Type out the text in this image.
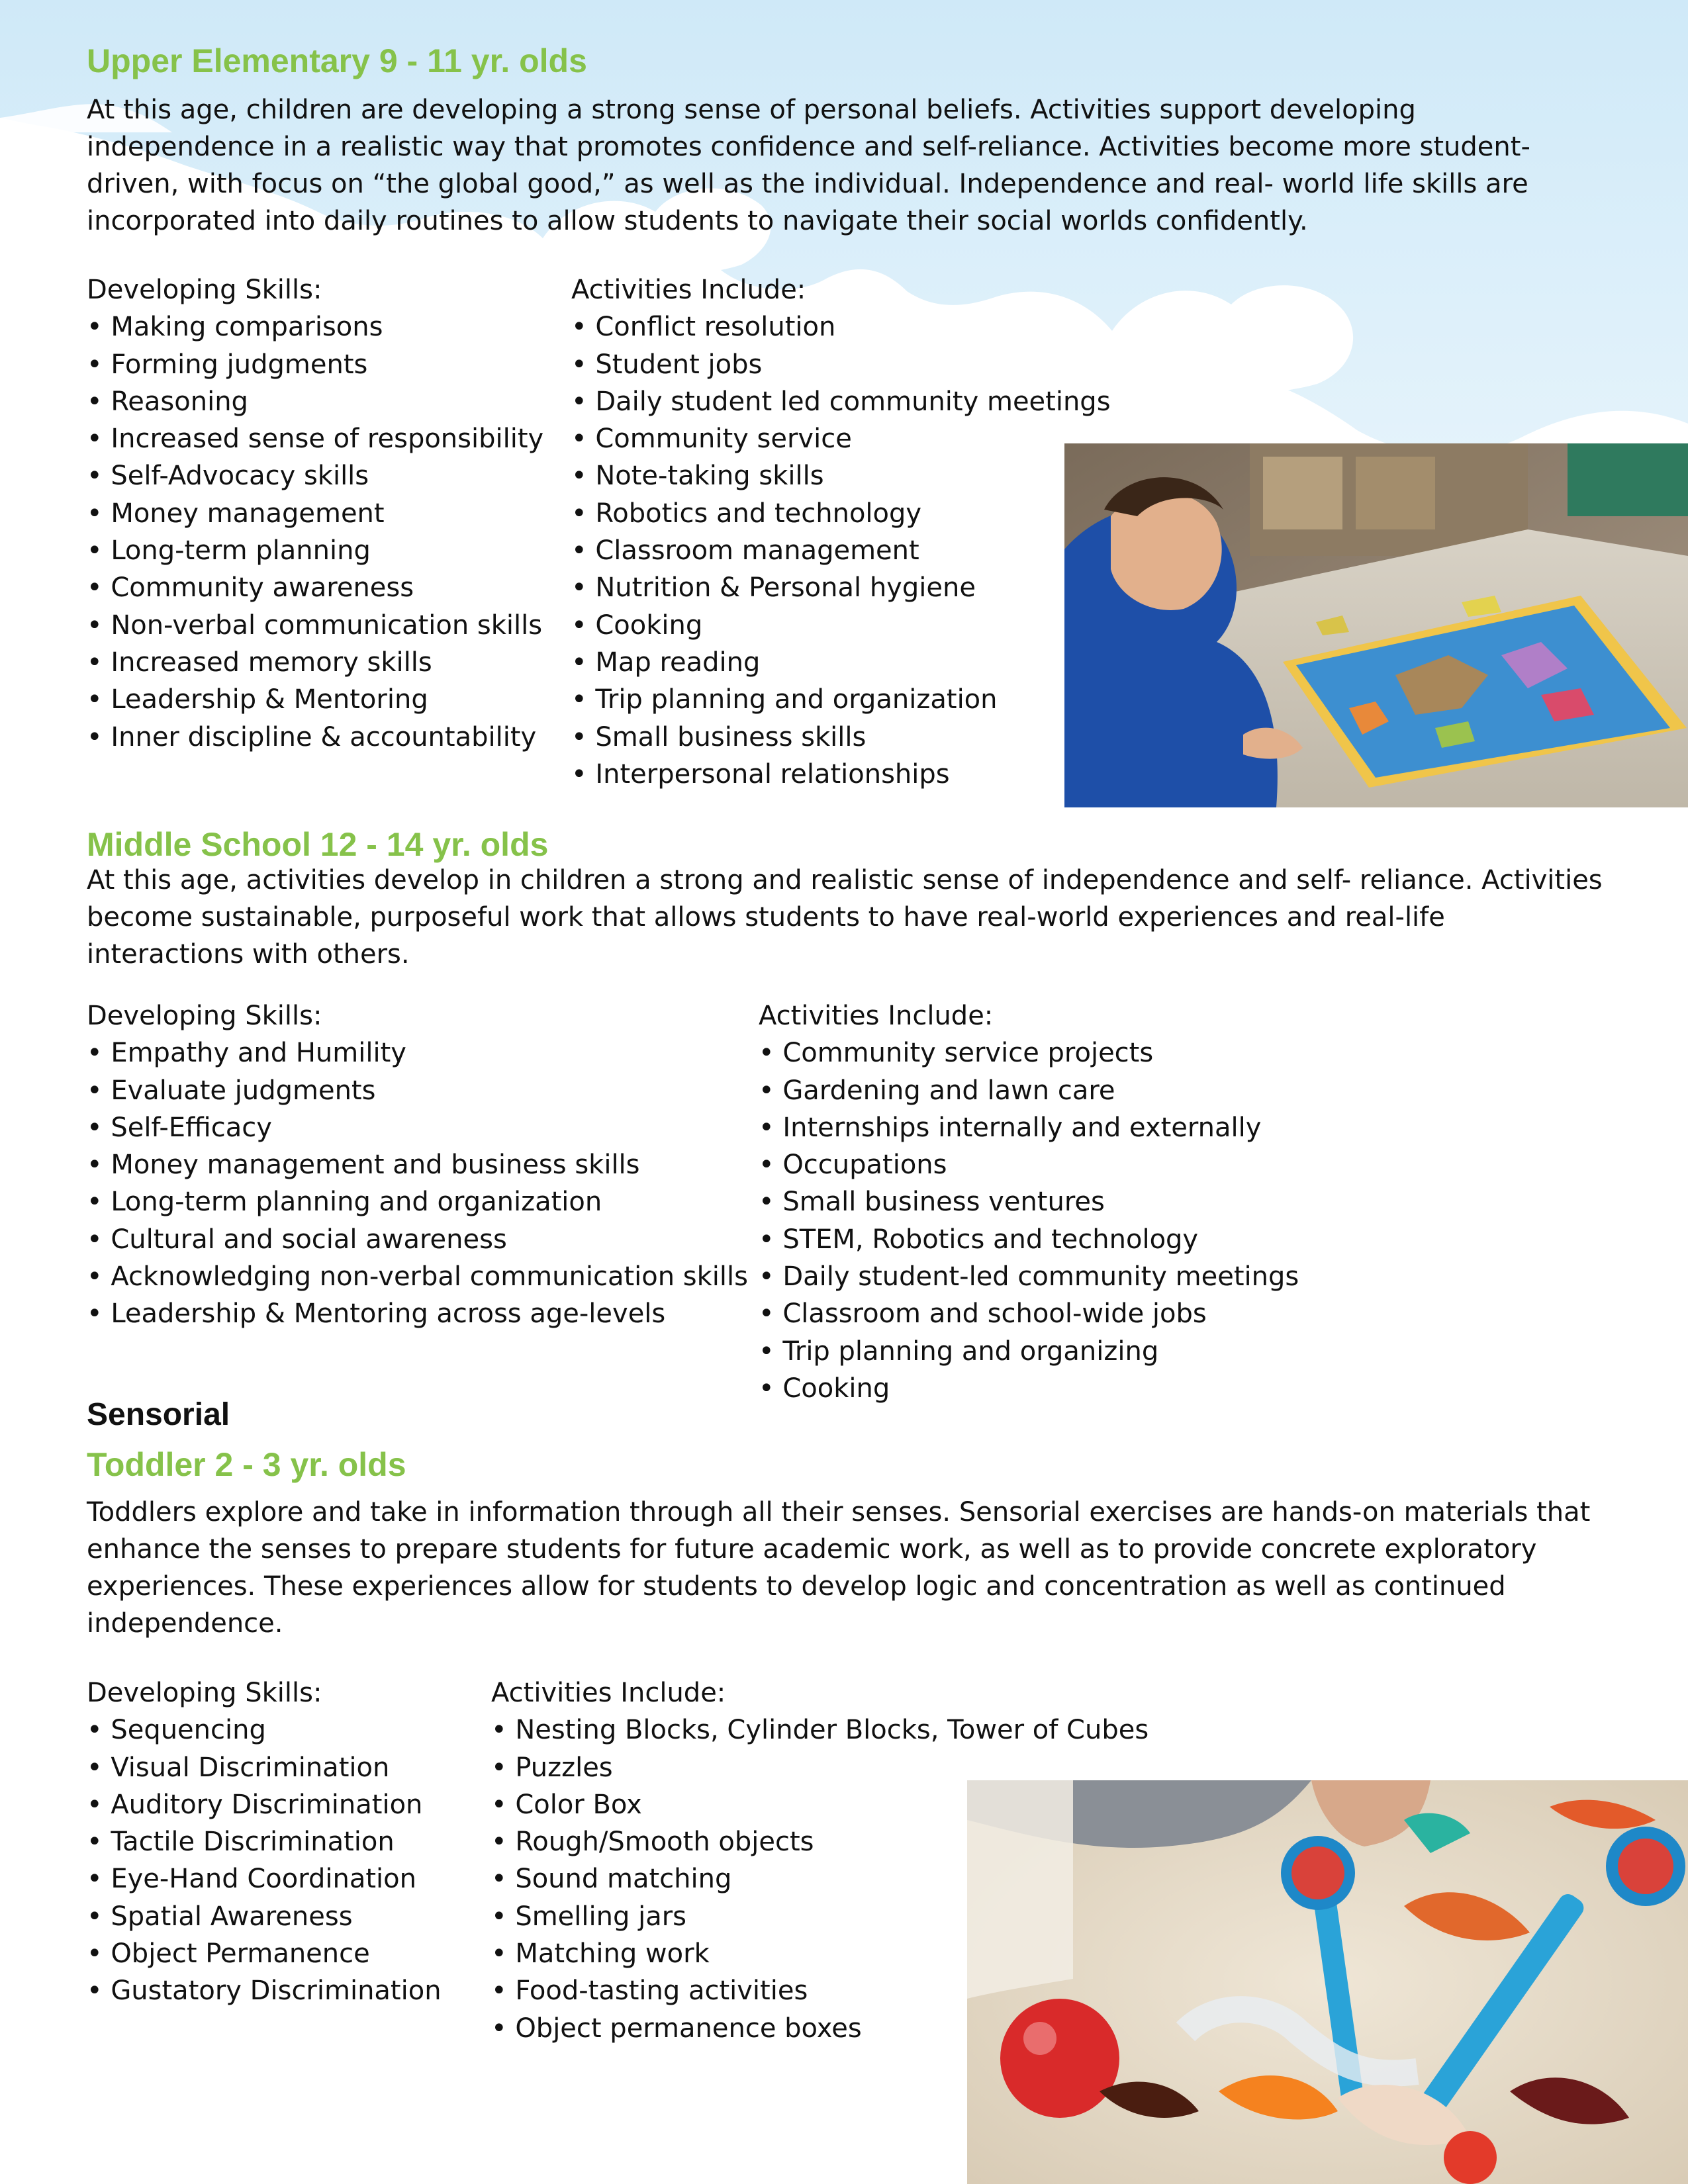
Upper Elementary 9 - 11 yr. olds
At this age, children are developing a strong sense of personal beliefs. Activities support developing
independence in a realistic way that promotes confidence and self-reliance. Activities become more student-
driven, with focus on “the global good,” as well as the individual. Independence and real- world life skills are
incorporated into daily routines to allow students to navigate their social worlds confidently.
Developing Skills:
• Making comparisons
• Forming judgments
• Reasoning
• Increased sense of responsibility
• Self-Advocacy skills
• Money management
• Long-term planning
• Community awareness
• Non-verbal communication skills
• Increased memory skills
• Leadership & Mentoring
• Inner discipline & accountability
Activities Include:
• Conflict resolution
• Student jobs
• Daily student led community meetings
• Community service
• Note-taking skills
• Robotics and technology
• Classroom management
• Nutrition & Personal hygiene
• Cooking
• Map reading
• Trip planning and organization
• Small business skills
• Interpersonal relationships
Middle School 12 - 14 yr. olds
At this age, activities develop in children a strong and realistic sense of independence and self- reliance. Activities
become sustainable, purposeful work that allows students to have real-world experiences and real-life
interactions with others.
Developing Skills:
• Empathy and Humility
• Evaluate judgments
• Self-Efficacy
• Money management and business skills
• Long-term planning and organization
• Cultural and social awareness
• Acknowledging non-verbal communication skills
• Leadership & Mentoring across age-levels
Activities Include:
• Community service projects
• Gardening and lawn care
• Internships internally and externally
• Occupations
• Small business ventures
• STEM, Robotics and technology
• Daily student-led community meetings
• Classroom and school-wide jobs
• Trip planning and organizing
• Cooking
Sensorial
Toddler 2 - 3 yr. olds
Toddlers explore and take in information through all their senses. Sensorial exercises are hands-on materials that
enhance the senses to prepare students for future academic work, as well as to provide concrete exploratory
experiences. These experiences allow for students to develop logic and concentration as well as continued
independence.
Developing Skills:
• Sequencing
• Visual Discrimination
• Auditory Discrimination
• Tactile Discrimination
• Eye-Hand Coordination
• Spatial Awareness
• Object Permanence
• Gustatory Discrimination
Activities Include:
• Nesting Blocks, Cylinder Blocks, Tower of Cubes
• Puzzles
• Color Box
• Rough/Smooth objects
• Sound matching
• Smelling jars
• Matching work
• Food-tasting activities
• Object permanence boxes
